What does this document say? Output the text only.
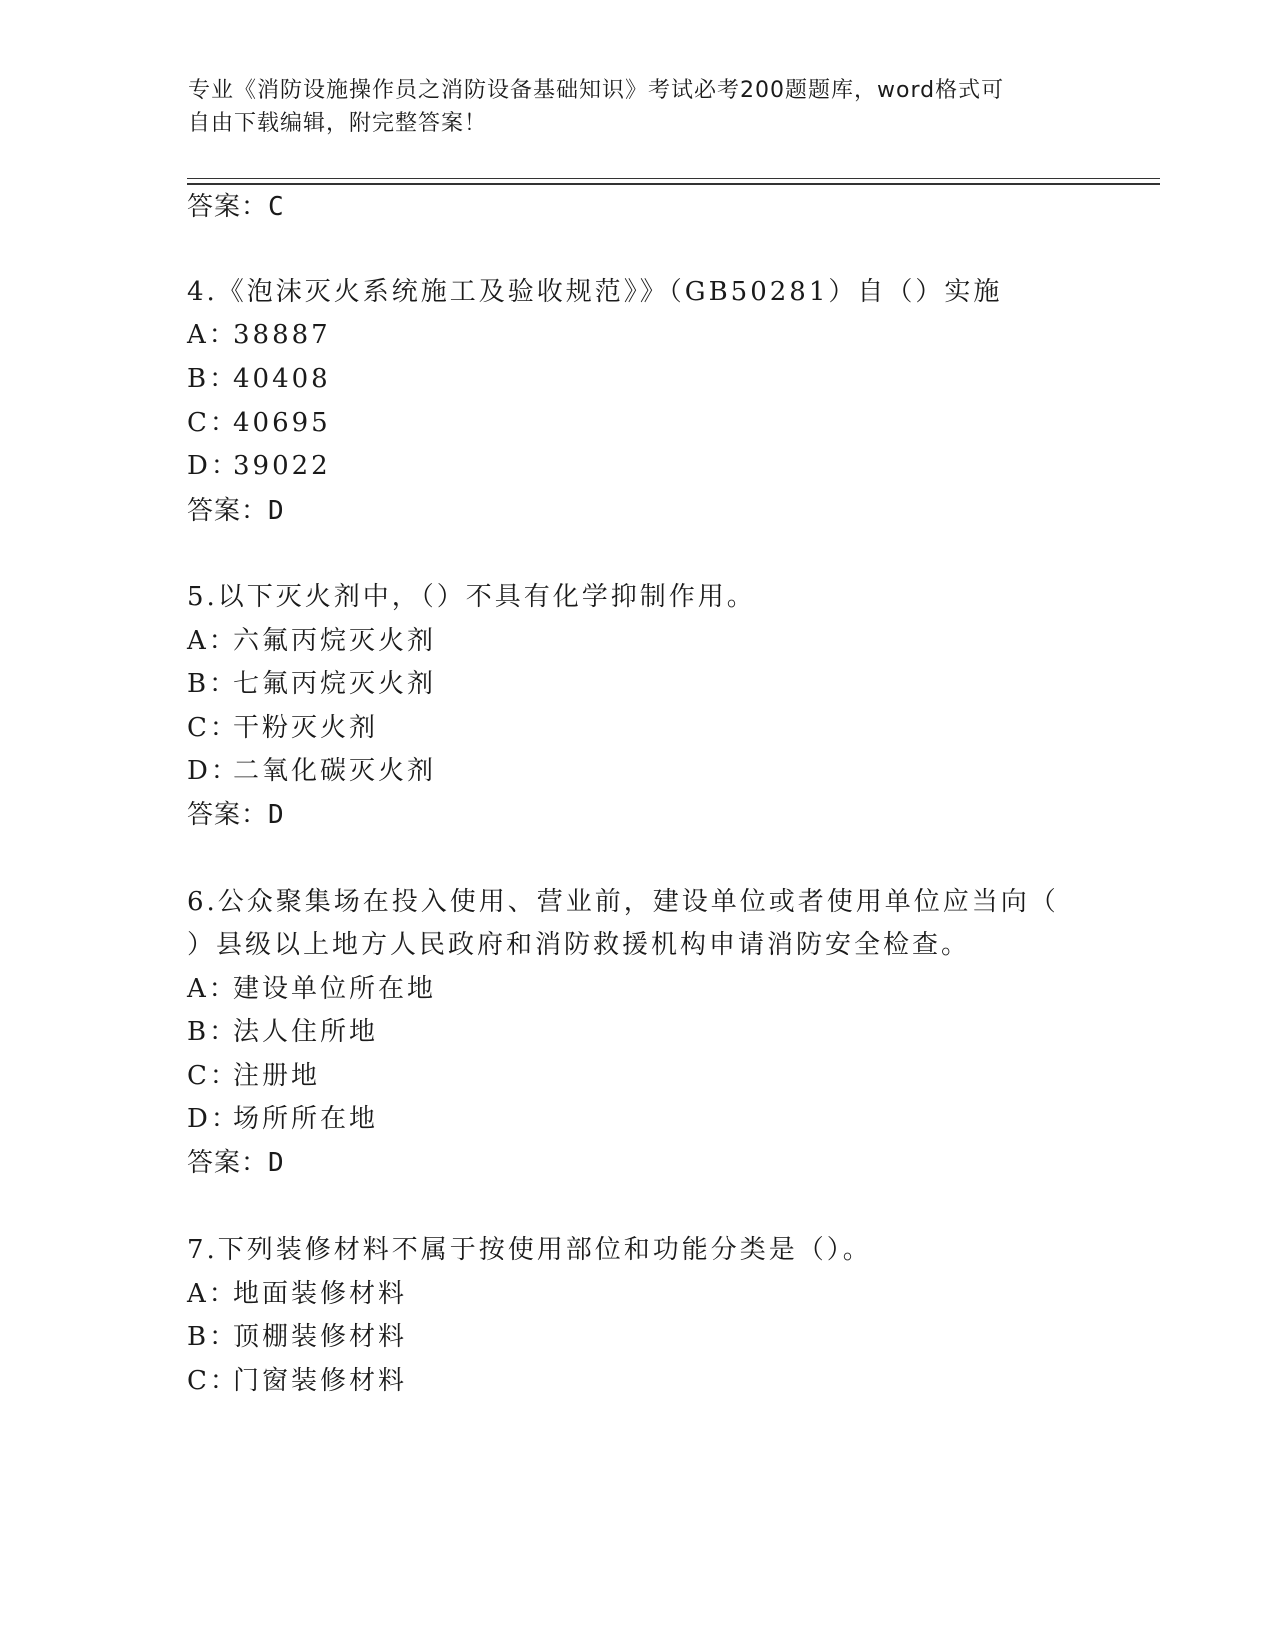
专业《消防设施操作员之消防设备基础知识》考试必考200题题库，word格式可
自由下载编辑，附完整答案！
答案：C
4.《泡沫灭火系统施工及验收规范》》（GB50281）自（）实施
A：38887
B：40408
C：40695
D：39022
答案：D
5.以下灭火剂中，（）不具有化学抑制作用。
A：六氟丙烷灭火剂
B：七氟丙烷灭火剂
C：干粉灭火剂
D：二氧化碳灭火剂
答案：D
6.公众聚集场在投入使用、营业前，建设单位或者使用单位应当向（
）县级以上地方人民政府和消防救援机构申请消防安全检查。
A：建设单位所在地
B：法人住所地
C：注册地
D：场所所在地
答案：D
7.下列装修材料不属于按使用部位和功能分类是（）。
A：地面装修材料
B：顶棚装修材料
C：门窗装修材料
